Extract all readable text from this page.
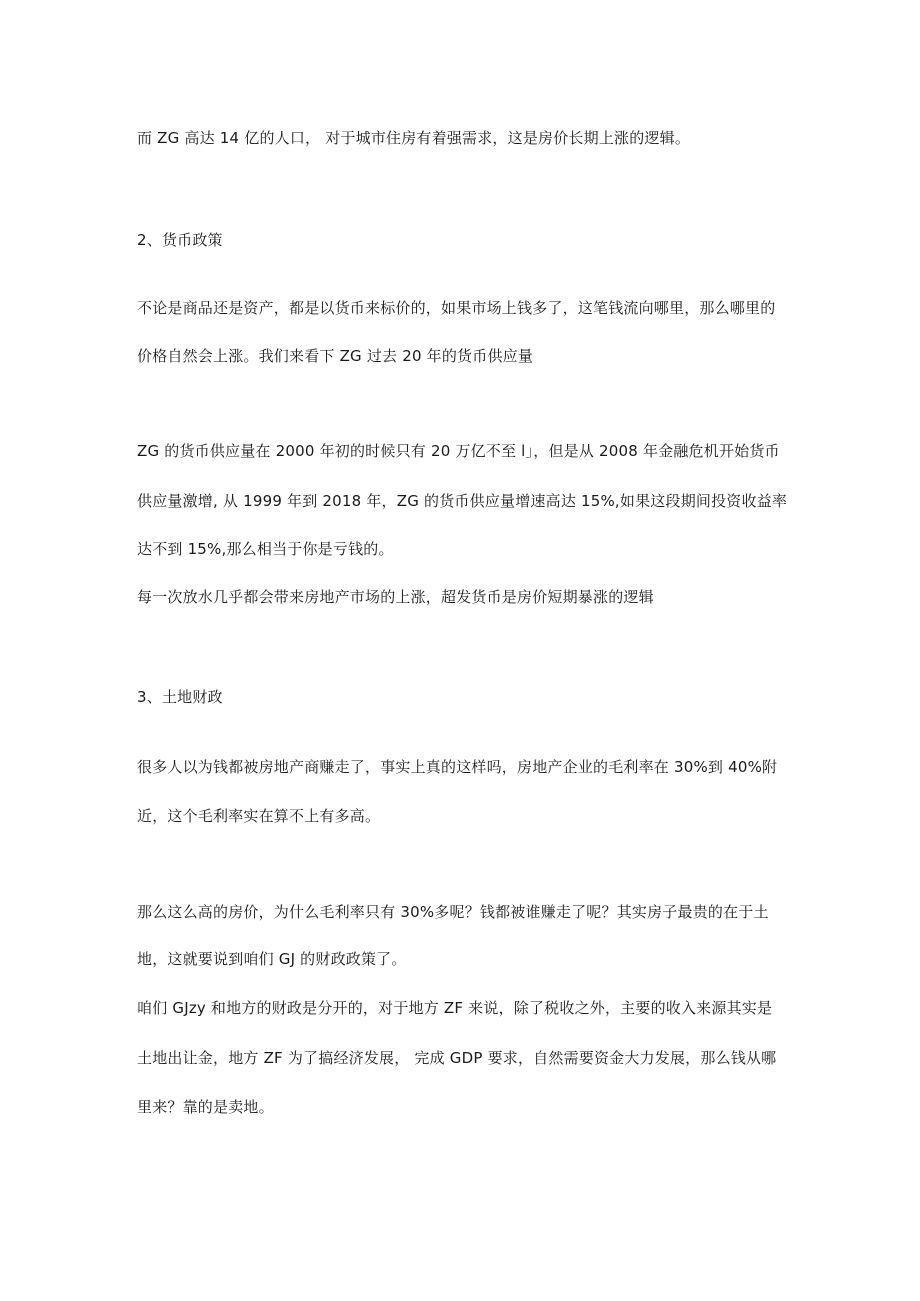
而 ZG 高达 14 亿的人口， 对于城市住房有着强需求，这是房价长期上涨的逻辑。
2、货币政策
不论是商品还是资产，都是以货币来标价的，如果市场上钱多了，这笔钱流向哪里，那么哪里的
价格自然会上涨。我们来看下 ZG 过去 20 年的货币供应量
ZG 的货币供应量在 2000 年初的时候只有 20 万亿不至 l」，但是从 2008 年金融危机开始货币
供应量激增, 从 1999 年到 2018 年，ZG 的货币供应量增速高达 15%,如果这段期间投资收益率
达不到 15%,那么相当于你是亏钱的。
每一次放水几乎都会带来房地产市场的上涨，超发货币是房价短期暴涨的逻辑
3、土地财政
很多人以为钱都被房地产商赚走了，事实上真的这样吗，房地产企业的毛利率在 30%到 40%附
近，这个毛利率实在算不上有多高。
那么这么高的房价，为什么毛利率只有 30%多呢？钱都被谁赚走了呢？其实房子最贵的在于土
地，这就要说到咱们 GJ 的财政政策了。
咱们 GJzy 和地方的财政是分开的，对于地方 ZF 来说，除了税收之外，主要的收入来源其实是
土地出让金，地方 ZF 为了搞经济发展， 完成 GDP 要求，自然需要资金大力发展，那么钱从哪
里来？靠的是卖地。
